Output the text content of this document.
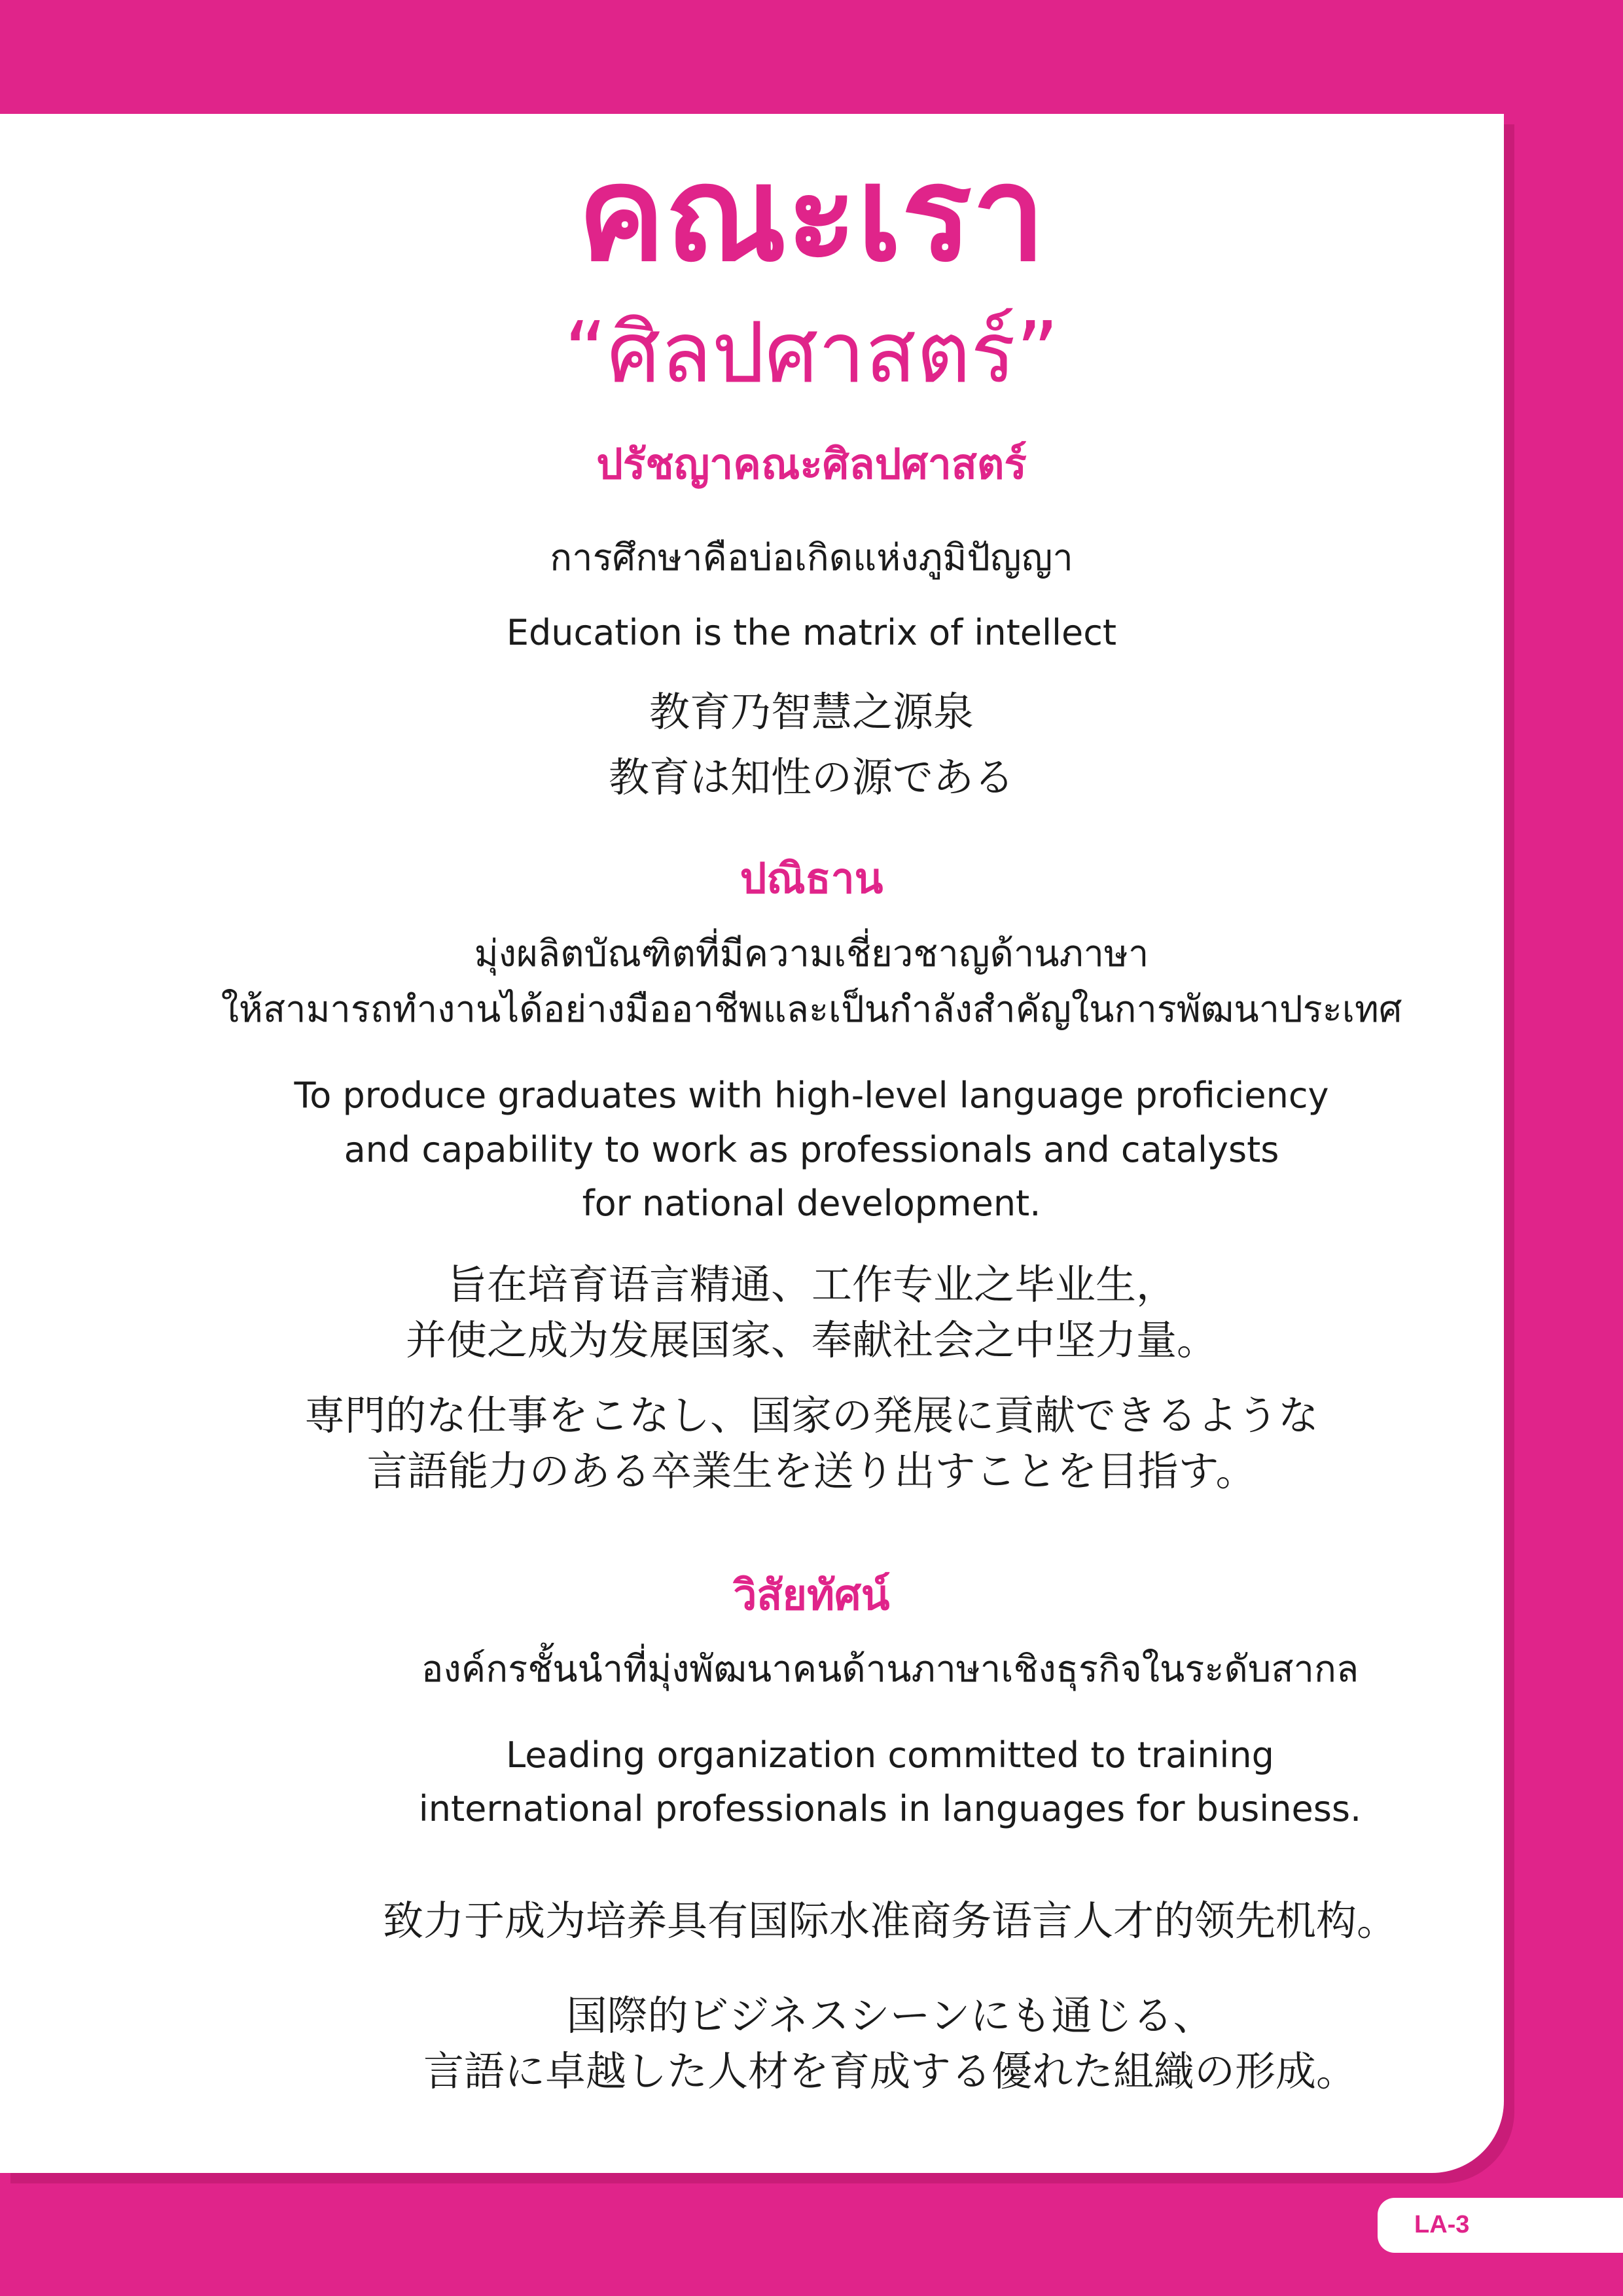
คณะเรา
“ศิลปศาสตร์”
ปรัชญาคณะศิลปศาสตร์
การศึกษาคือบ่อเกิดแห่งภูมิปัญญา
Education is the matrix of intellect
教育乃智慧之源泉
教育は知性の源である
ปณิธาน
มุ่งผลิตบัณฑิตที่มีความเชี่ยวชาญด้านภาษา
ให้สามารถทำงานได้อย่างมืออาชีพและเป็นกำลังสำคัญในการพัฒนาประเทศ
To produce graduates with high-level language proficiency
and capability to work as professionals and catalysts
for national development.
旨在培育语言精通、工作专业之毕业生，
并使之成为发展国家、奉献社会之中坚力量。
専門的な仕事をこなし、国家の発展に貢献できるような
言語能力のある卒業生を送り出すことを目指す。
วิสัยทัศน์
องค์กรชั้นนำที่มุ่งพัฒนาคนด้านภาษาเชิงธุรกิจในระดับสากล
Leading organization committed to training
international professionals in languages for business.
致力于成为培养具有国际水准商务语言人才的领先机构。
国際的ビジネスシーンにも通じる、
言語に卓越した人材を育成する優れた組織の形成。
LA-3
